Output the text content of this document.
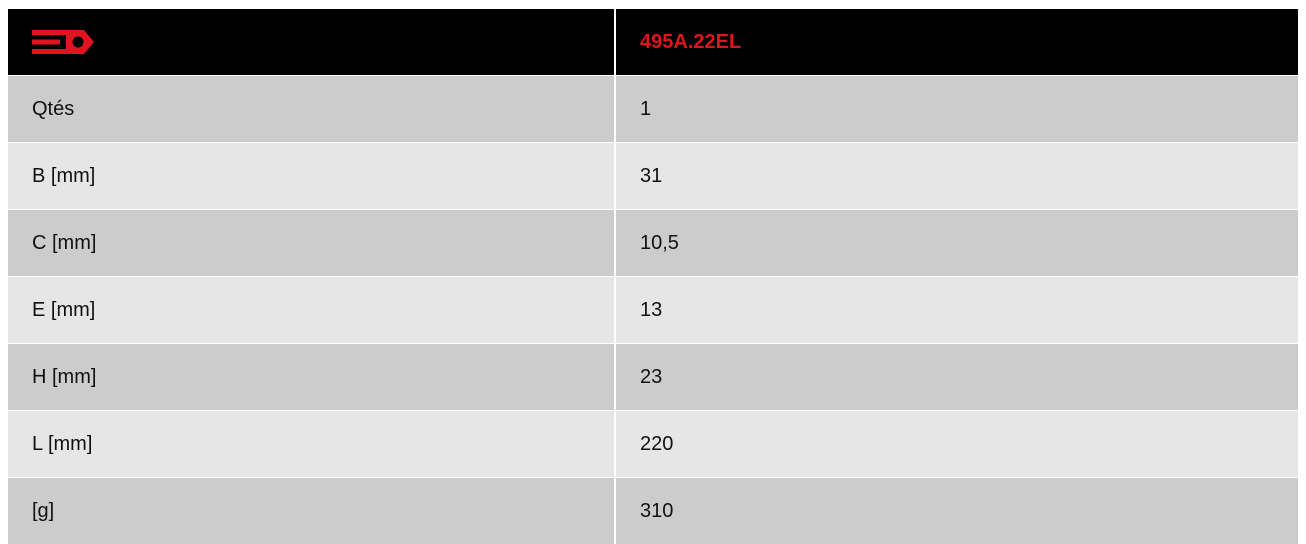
495A.22EL
Qtés	1
B [mm]	31
C [mm]	10,5
E [mm]	13
H [mm]	23
L [mm]	220
[g]	310
